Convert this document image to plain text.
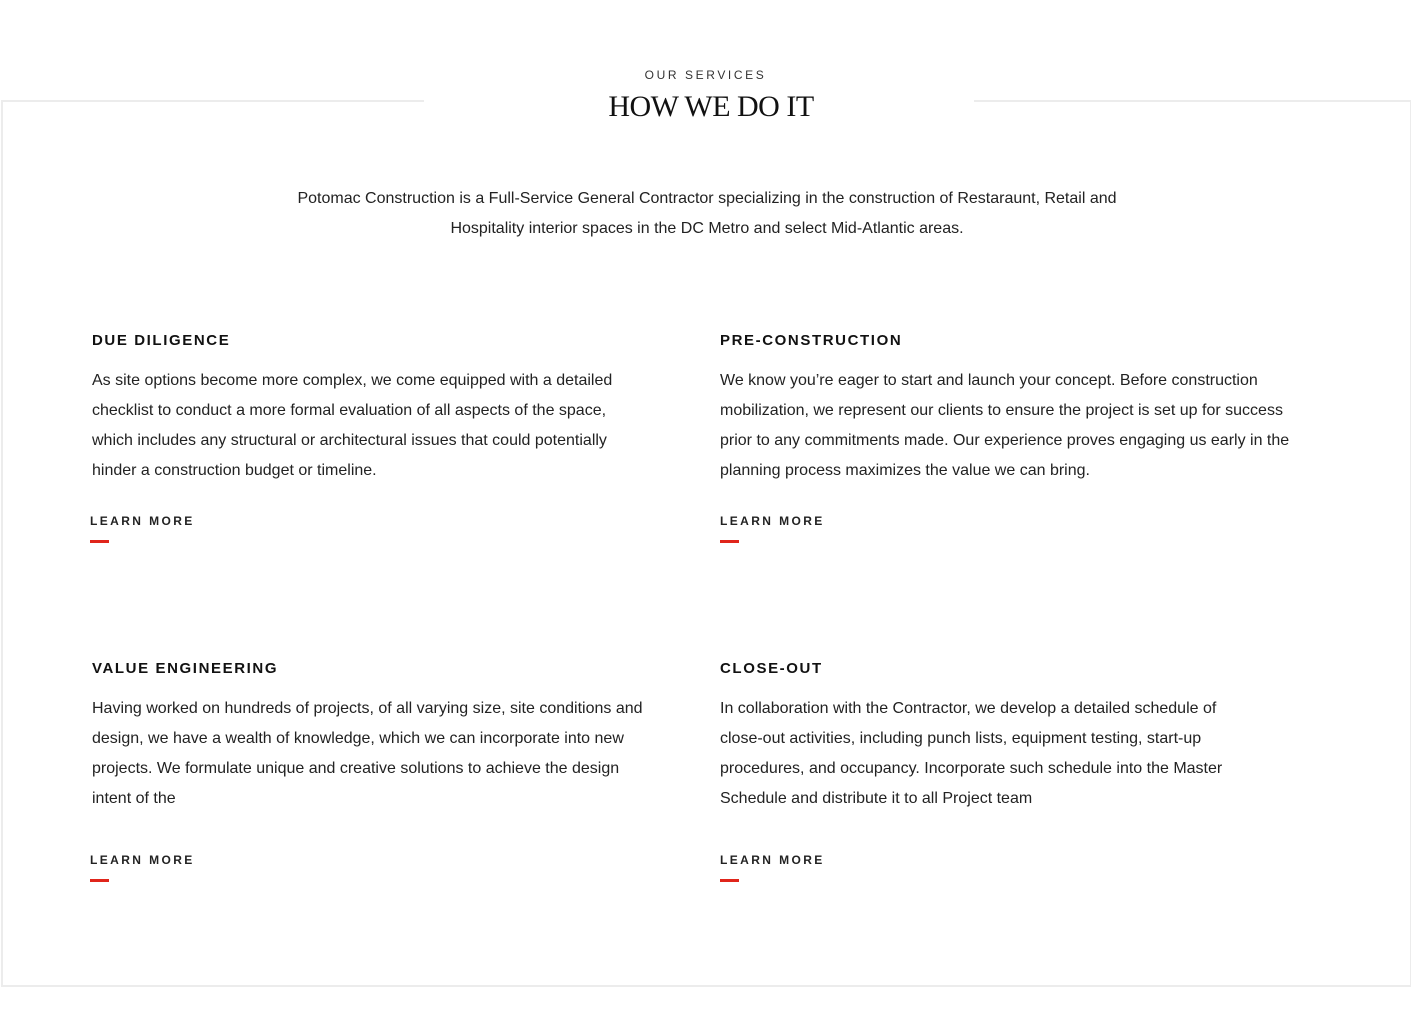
OUR SERVICES
HOW WE DO IT

Potomac Construction is a Full-Service General Contractor specializing in the construction of Restaraunt, Retail and Hospitality interior spaces in the DC Metro and select Mid-Atlantic areas.

DUE DILIGENCE

As site options become more complex, we come equipped with a detailed checklist to conduct a more formal evaluation of all aspects of the space, which includes any structural or architectural issues that could potentially hinder a construction budget or timeline.

LEARN MORE
PRE-CONSTRUCTION

We know you’re eager to start and launch your concept. Before construction mobilization, we represent our clients to ensure the project is set up for success prior to any commitments made. Our experience proves engaging us early in the planning process maximizes the value we can bring.

LEARN MORE
VALUE ENGINEERING

Having worked on hundreds of projects, of all varying size, site conditions and design, we have a wealth of knowledge, which we can incorporate into new projects. We formulate unique and creative solutions to achieve the design intent of the

LEARN MORE
CLOSE-OUT

In collaboration with the Contractor, we develop a detailed schedule of close-out activities, including punch lists, equipment testing, start-up procedures, and occupancy. Incorporate such schedule into the Master Schedule and distribute it to all Project team

LEARN MORE
